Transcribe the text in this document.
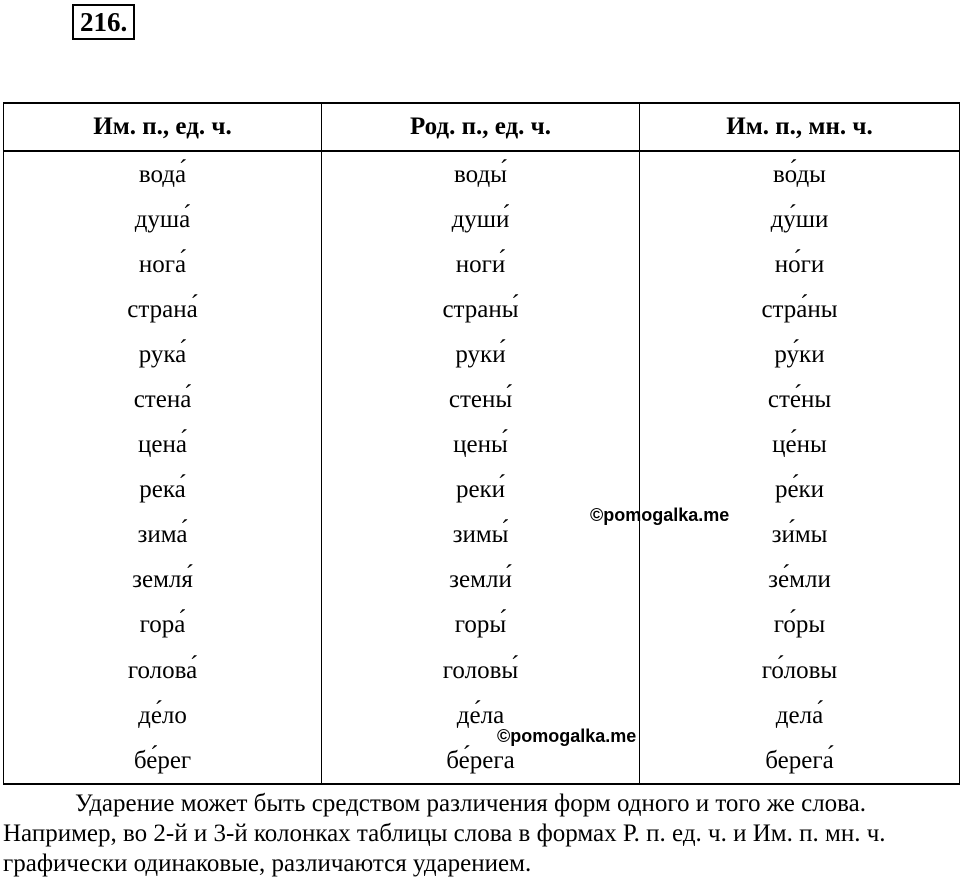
216.
Им. п., ед. ч.	Род. п., ед. ч.	Им. п., мн. ч.
вода́	воды́	во́ды
душа́	души́	ду́ши
нога́	ноги́	но́ги
страна́	страны́	стра́ны
рука́	руки́	ру́ки
стена́	стены́	сте́ны
цена́	цены́	це́ны
река́	реки́	ре́ки
зима́	зимы́	зи́мы
земля́	земли́	зе́мли
гора́	горы́	го́ры
голова́	головы́	го́ловы
де́ло	де́ла	дела́
бе́рег	бе́рега	берега́
©pomogalka.me
©pomogalka.me

Ударение может быть средством различения форм одного и того же слова. Например, во 2-й и 3-й колонках таблицы слова в формах Р. п. ед. ч. и Им. п. мн. ч. графически одинаковые, различаются ударением.
